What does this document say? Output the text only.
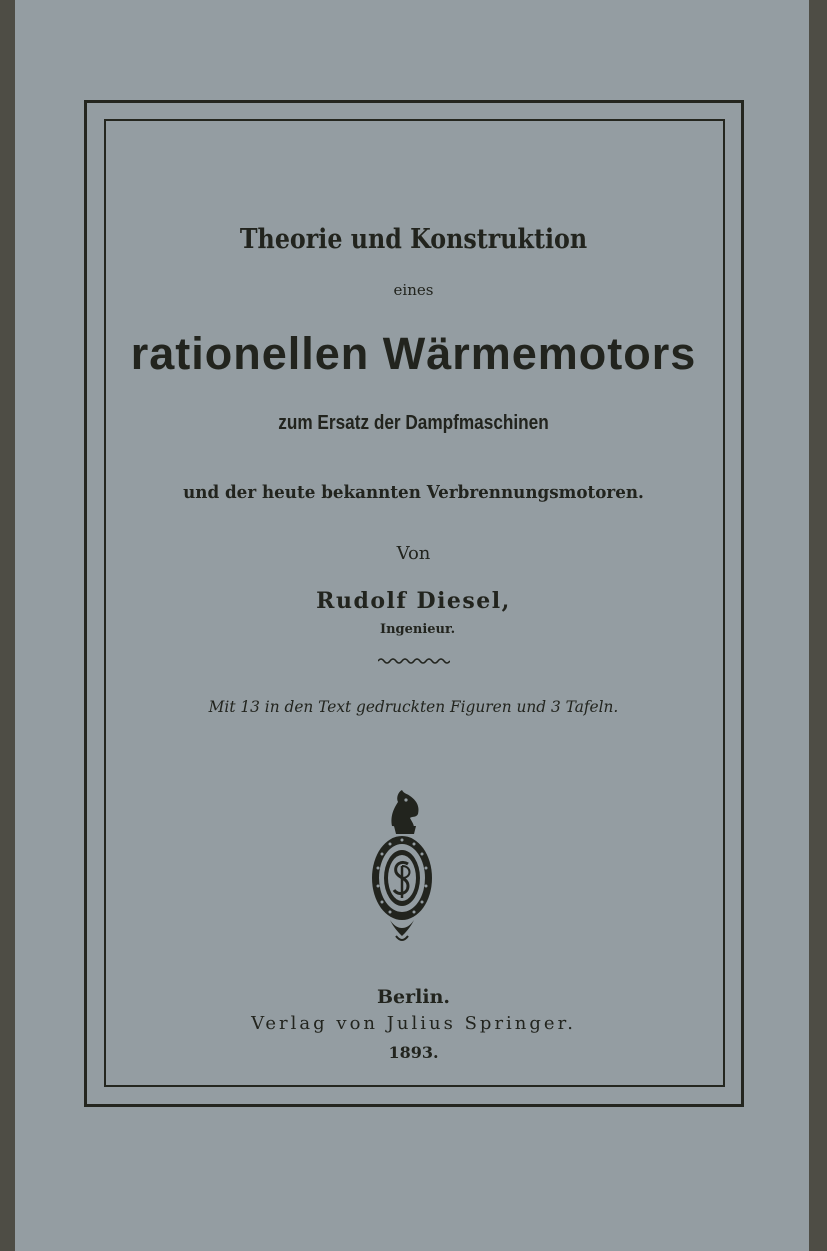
Theorie und Konstruktion
eines
rationellen Wärmemotors
zum Ersatz der Dampfmaschinen
und der heute bekannten Verbrennungsmotoren.
Von
Rudolf Diesel,
Ingenieur.
Mit 13 in den Text gedruckten Figuren und 3 Tafeln.
Berlin.
Verlag von Julius Springer.
1893.
